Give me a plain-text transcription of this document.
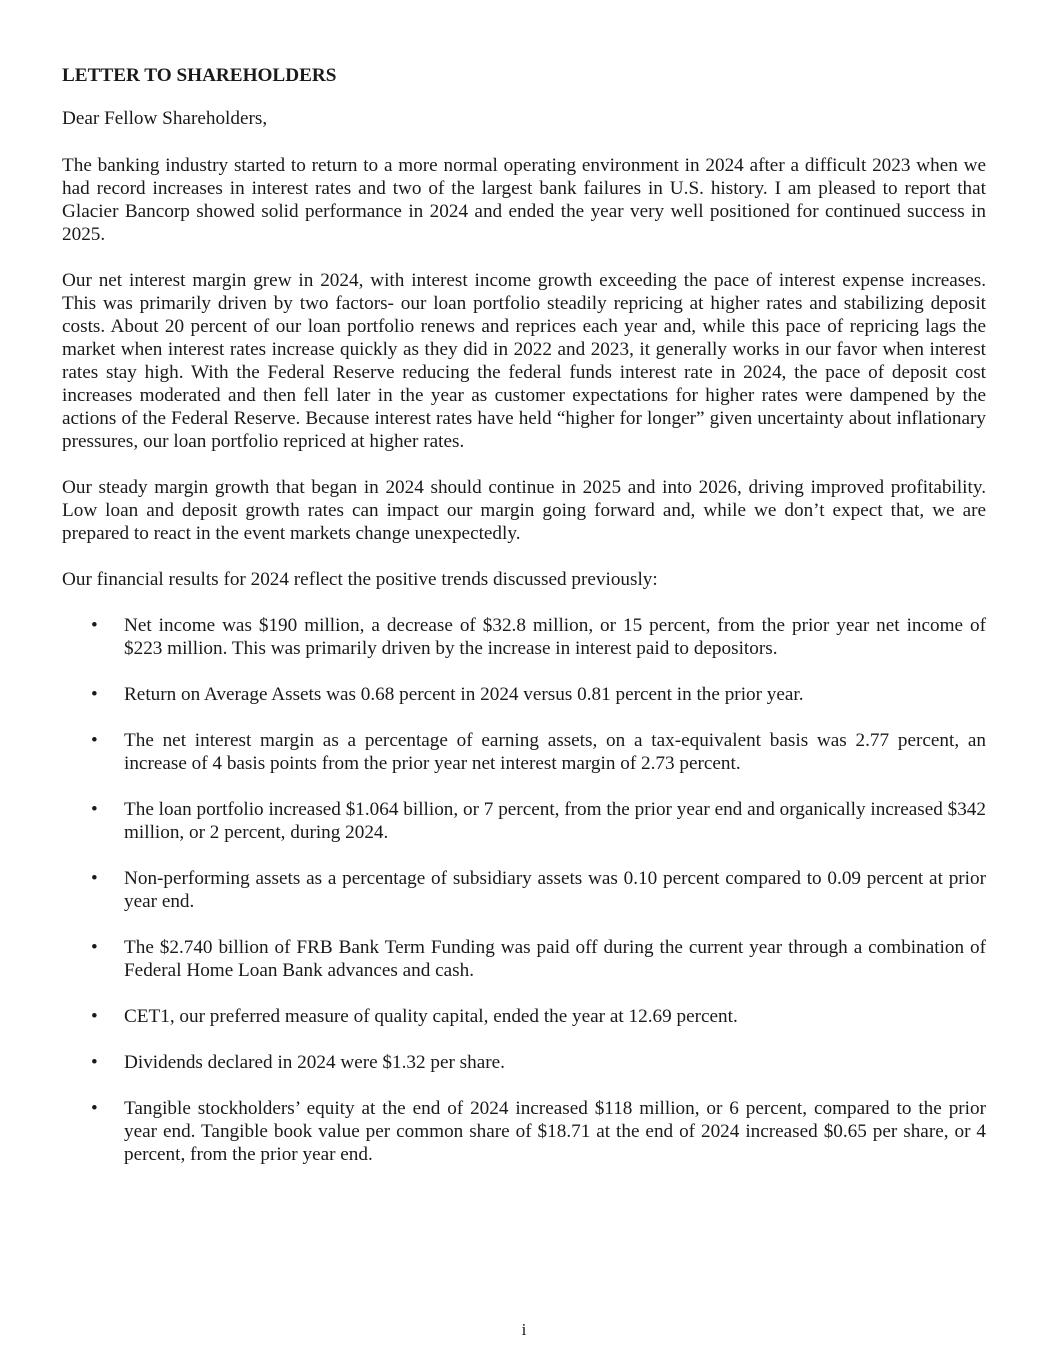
LETTER TO SHAREHOLDERS
Dear Fellow Shareholders,

The banking industry started to return to a more normal operating environment in 2024 after a difficult 2023 when we had record increases in interest rates and two of the largest bank failures in U.S. history. I am pleased to report that Glacier Bancorp showed solid performance in 2024 and ended the year very well positioned for continued success in 2025.

Our net interest margin grew in 2024, with interest income growth exceeding the pace of interest expense increases. This was primarily driven by two factors- our loan portfolio steadily repricing at higher rates and stabilizing deposit costs. About 20 percent of our loan portfolio renews and reprices each year and, while this pace of repricing lags the market when interest rates increase quickly as they did in 2022 and 2023, it generally works in our favor when interest rates stay high. With the Federal Reserve reducing the federal funds interest rate in 2024, the pace of deposit cost increases moderated and then fell later in the year as customer expectations for higher rates were dampened by the actions of the Federal Reserve. Because interest rates have held “higher for longer” given uncertainty about inflationary pressures, our loan portfolio repriced at higher rates.

Our steady margin growth that began in 2024 should continue in 2025 and into 2026, driving improved profitability. Low loan and deposit growth rates can impact our margin going forward and, while we don’t expect that, we are prepared to react in the event markets change unexpectedly.

Our financial results for 2024 reflect the positive trends discussed previously:

• Net income was $190 million, a decrease of $32.8 million, or 15 percent, from the prior year net income of $223 million. This was primarily driven by the increase in interest paid to depositors.
• Return on Average Assets was 0.68 percent in 2024 versus 0.81 percent in the prior year.
• The net interest margin as a percentage of earning assets, on a tax-equivalent basis was 2.77 percent, an increase of 4 basis points from the prior year net interest margin of 2.73 percent.
• The loan portfolio increased $1.064 billion, or 7 percent, from the prior year end and organically increased $342 million, or 2 percent, during 2024.
• Non-performing assets as a percentage of subsidiary assets was 0.10 percent compared to 0.09 percent at prior year end.
• The $2.740 billion of FRB Bank Term Funding was paid off during the current year through a combination of Federal Home Loan Bank advances and cash.
• CET1, our preferred measure of quality capital, ended the year at 12.69 percent.
• Dividends declared in 2024 were $1.32 per share.
• Tangible stockholders’ equity at the end of 2024 increased $118 million, or 6 percent, compared to the prior year end. Tangible book value per common share of $18.71 at the end of 2024 increased $0.65 per share, or 4 percent, from the prior year end.
i
